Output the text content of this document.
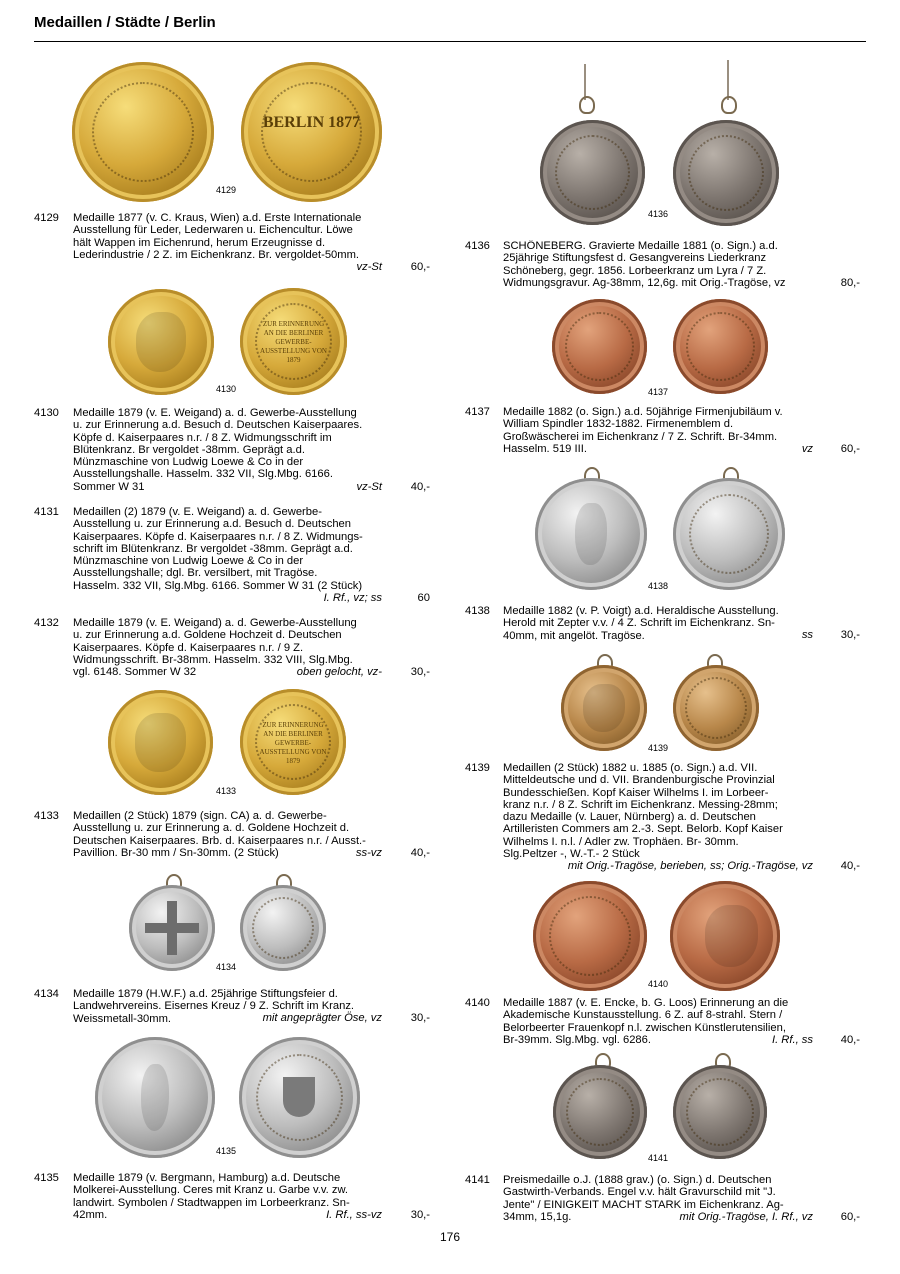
Medaillen / Städte / Berlin
BERLIN 1877
4129
ZUR ERINNERUNG AN DIE BERLINER GEWERBE-AUSSTELLUNG VON 1879
4130
ZUR ERINNERUNG AN DIE BERLINER GEWERBE-AUSSTELLUNG VON 1879
4133
4134
4135
4136
4137
4138
4139
4140
4141
4129 Medaille 1877 (v. C. Kraus, Wien) a.d. Erste Internationale
Ausstellung für Leder, Lederwaren u. Eichencultur. Löwe
hält Wappen im Eichenrund, herum Erzeugnisse d.
Lederindustrie / 2 Z. im Eichenkranz. Br. vergoldet-50mm.
vz-St	60,-
4130 Medaille 1879 (v. E. Weigand) a. d. Gewerbe-Ausstellung
u. zur Erinnerung a.d. Besuch d. Deutschen Kaiserpaares.
Köpfe d. Kaiserpaares n.r. / 8 Z. Widmungsschrift im
Blütenkranz. Br vergoldet -38mm. Geprägt a.d.
Münzmaschine von Ludwig Loewe & Co in der
Ausstellungshalle. Hasselm. 332 VII, Slg.Mbg. 6166.
Sommer W 31	vz-St	40,-
4131 Medaillen (2) 1879 (v. E. Weigand) a. d. Gewerbe-
Ausstellung u. zur Erinnerung a.d. Besuch d. Deutschen
Kaiserpaares. Köpfe d. Kaiserpaares n.r. / 8 Z. Widmungs-
schrift im Blütenkranz. Br vergoldet -38mm. Geprägt a.d.
Münzmaschine von Ludwig Loewe & Co in der
Ausstellungshalle; dgl. Br. versilbert, mit Tragöse.
Hasselm. 332 VII, Slg.Mbg. 6166. Sommer W 31 (2 Stück)
I. Rf., vz; ss	60
4132 Medaille 1879 (v. E. Weigand) a. d. Gewerbe-Ausstellung
u. zur Erinnerung a.d. Goldene Hochzeit d. Deutschen
Kaiserpaares. Köpfe d. Kaiserpaares n.r. / 9 Z.
Widmungsschrift. Br-38mm. Hasselm. 332 VIII, Slg.Mbg.
vgl. 6148. Sommer W 32	oben gelocht, vz-	30,-
4133 Medaillen (2 Stück) 1879 (sign. CA) a. d. Gewerbe-
Ausstellung u. zur Erinnerung a. d. Goldene Hochzeit d.
Deutschen Kaiserpaares. Brb. d. Kaiserpaares n.r. / Ausst.-
Pavillion. Br-30 mm / Sn-30mm. (2 Stück)	ss-vz	40,-
4134 Medaille 1879 (H.W.F.) a.d. 25jährige Stiftungsfeier d.
Landwehrvereins. Eisernes Kreuz / 9 Z. Schrift im Kranz.
Weissmetall-30mm.	mit angeprägter Öse, vz	30,-
4135 Medaille 1879 (v. Bergmann, Hamburg) a.d. Deutsche
Molkerei-Ausstellung. Ceres mit Kranz u. Garbe v.v. zw.
landwirt. Symbolen / Stadtwappen im Lorbeerkranz. Sn-
42mm.	I. Rf., ss-vz	30,-
4136 SCHÖNEBERG. Gravierte Medaille 1881 (o. Sign.) a.d.
25jährige Stiftungsfest d. Gesangvereins Liederkranz
Schöneberg, gegr. 1856. Lorbeerkranz um Lyra / 7 Z.
Widmungsgravur. Ag-38mm, 12,6g. mit Orig.-Tragöse, vz	80,-
4137 Medaille 1882 (o. Sign.) a.d. 50jährige Firmenjubiläum v.
William Spindler 1832-1882. Firmenemblem d.
Großwäscherei im Eichenkranz / 7 Z. Schrift. Br-34mm.
Hasselm. 519 III.	vz	60,-
4138 Medaille 1882 (v. P. Voigt) a.d. Heraldische Ausstellung.
Herold mit Zepter v.v. / 4 Z. Schrift im Eichenkranz. Sn-
40mm, mit angelöt. Tragöse.	ss	30,-
4139 Medaillen (2 Stück) 1882 u. 1885 (o. Sign.) a.d. VII.
Mitteldeutsche und d. VII. Brandenburgische Provinzial
Bundesschießen. Kopf Kaiser Wilhelms I. im Lorbeer-
kranz n.r. / 8 Z. Schrift im Eichenkranz. Messing-28mm;
dazu Medaille (v. Lauer, Nürnberg) a. d. Deutschen
Artilleristen Commers am 2.-3. Sept. Belorb. Kopf Kaiser
Wilhelms I. n.l. / Adler zw. Trophäen. Br- 30mm.
Slg.Peltzer -, W.-T.- 2 Stück
mit Orig.-Tragöse, berieben, ss; Orig.-Tragöse, vz	40,-
4140 Medaille 1887 (v. E. Encke, b. G. Loos) Erinnerung an die
Akademische Kunstausstellung. 6 Z. auf 8-strahl. Stern /
Belorbeerter Frauenkopf n.l. zwischen Künstlerutensilien,
Br-39mm. Slg.Mbg. vgl. 6286.	I. Rf., ss	40,-
4141 Preismedaille o.J. (1888 grav.) (o. Sign.) d. Deutschen
Gastwirth-Verbands. Engel v.v. hält Gravurschild mit "J.
Jente" / EINIGKEIT MACHT STARK im Eichenkranz. Ag-
34mm, 15,1g.	mit Orig.-Tragöse, I. Rf., vz	60,-
176
